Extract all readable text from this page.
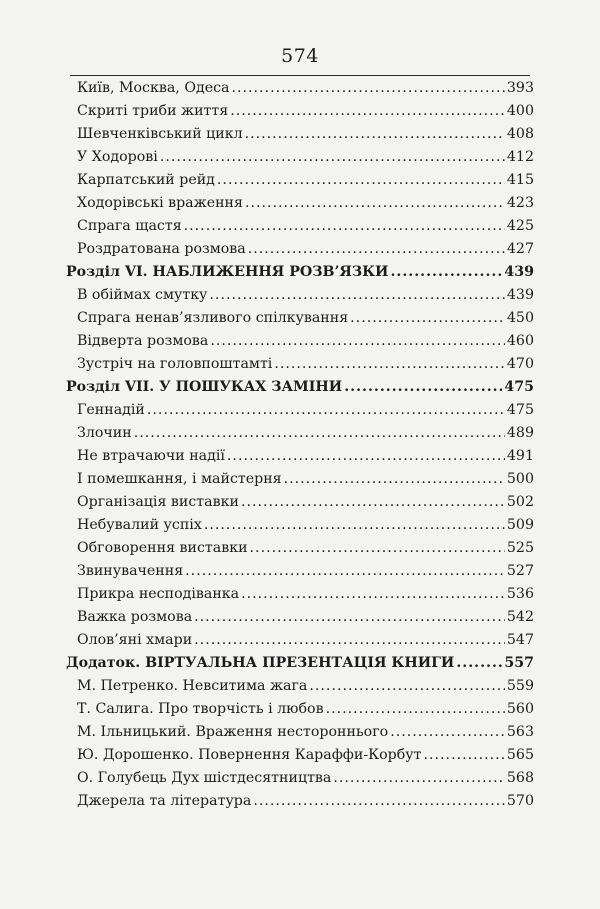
574
Київ, Москва, Одеса .....	393
Скриті триби життя .....	400
Шевченківський цикл .....	408
У Ходорові .....	412
Карпатський рейд .....	415
Ходорівські враження .....	423
Спрага щастя .....	425
Роздратована розмова .....	427
Розділ VI. НАБЛИЖЕННЯ РОЗВ’ЯЗКИ .....	439
В обіймах смутку .....	439
Спрага ненав’язливого спілкування .....	450
Відверта розмова .....	460
Зустріч на головпоштамті .....	470
Розділ VII. У ПОШУКАХ ЗАМІНИ .....	475
Геннадій .....	475
Злочин .....	489
Не втрачаючи надії .....	491
І помешкання, і майстерня .....	500
Організація виставки .....	502
Небувалий успіх .....	509
Обговорення виставки .....	525
Звинувачення .....	527
Прикра несподіванка .....	536
Важка розмова .....	542
Олов’яні хмари .....	547
Додаток. ВІРТУАЛЬНА ПРЕЗЕНТАЦІЯ КНИГИ .....	557
М. Петренко. Невситима жага .....	559
Т. Салига. Про творчість і любов .....	560
М. Ільницький. Враження нестороннього .....	563
Ю. Дорошенко. Повернення Караффи-Корбут .....	565
О. Голубець Дух шістдесятництва .....	568
Джерела та література .....	570
